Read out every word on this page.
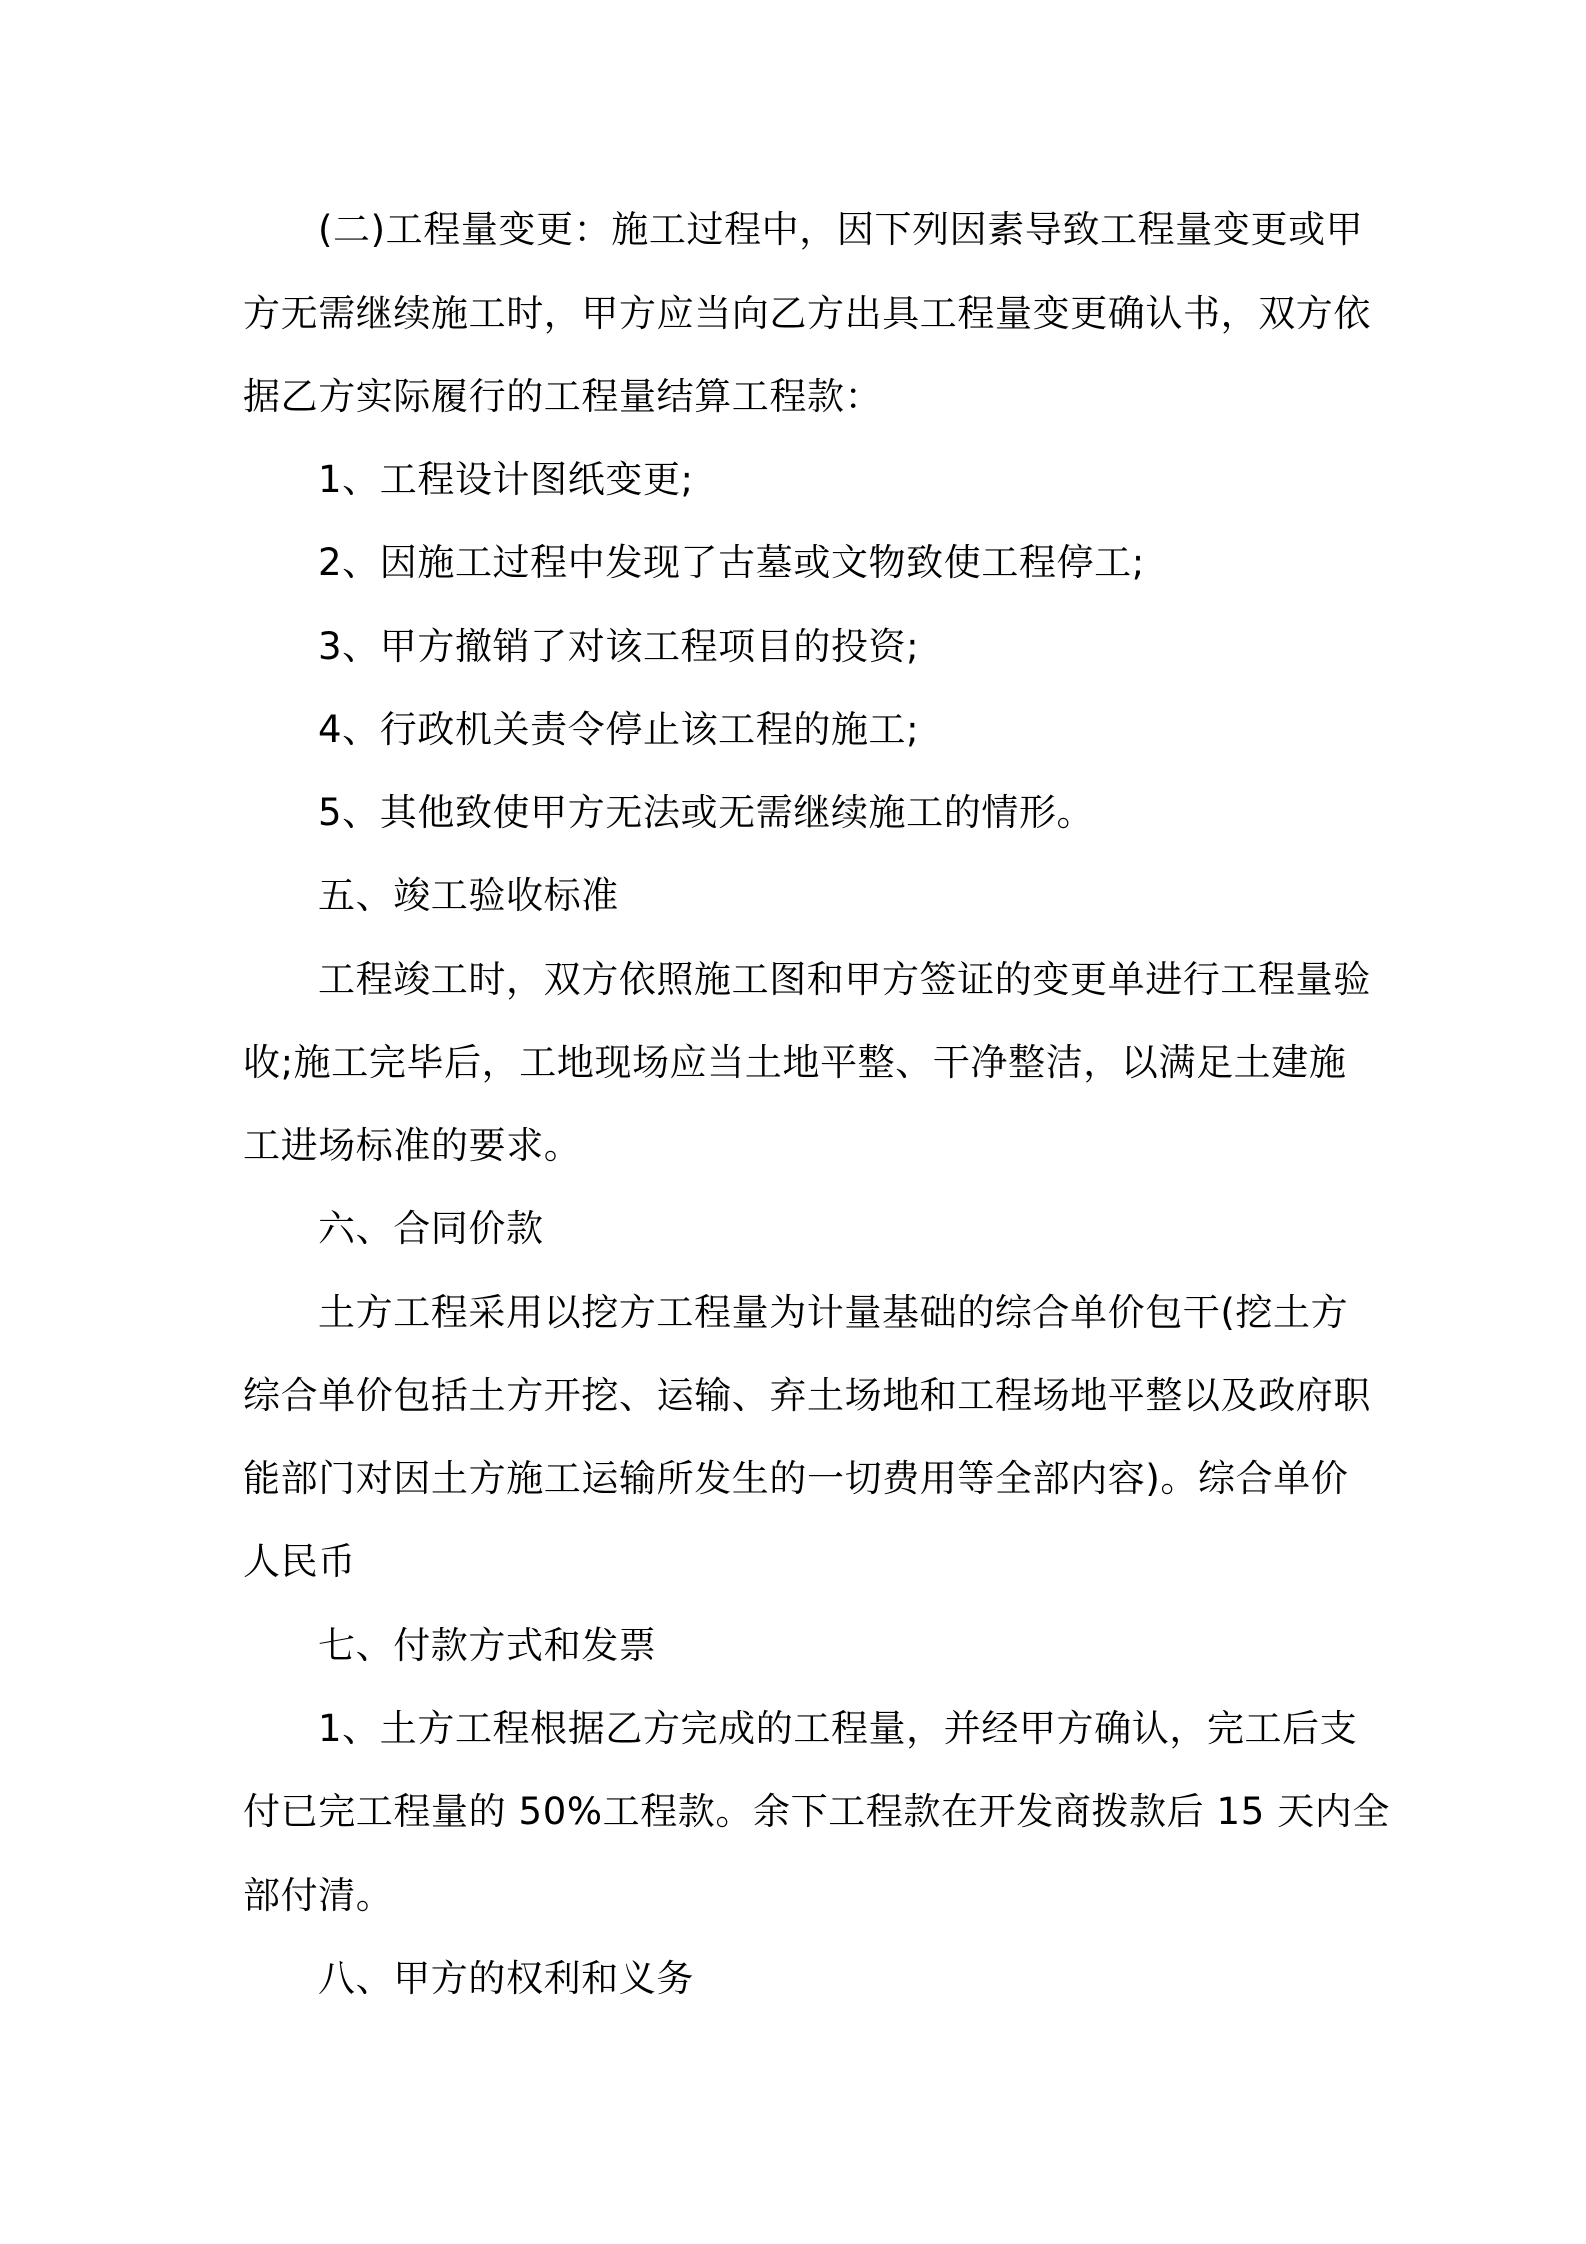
(二)工程量变更：施工过程中，因下列因素导致工程量变更或甲

方无需继续施工时，甲方应当向乙方出具工程量变更确认书，双方依

据乙方实际履行的工程量结算工程款：

1、工程设计图纸变更;

2、因施工过程中发现了古墓或文物致使工程停工;

3、甲方撤销了对该工程项目的投资;

4、行政机关责令停止该工程的施工;

5、其他致使甲方无法或无需继续施工的情形。

五、竣工验收标准

工程竣工时，双方依照施工图和甲方签证的变更单进行工程量验

收;施工完毕后，工地现场应当土地平整、干净整洁，以满足土建施

工进场标准的要求。

六、合同价款

土方工程采用以挖方工程量为计量基础的综合单价包干(挖土方

综合单价包括土方开挖、运输、弃土场地和工程场地平整以及政府职

能部门对因土方施工运输所发生的一切费用等全部内容)。综合单价

人民币

七、付款方式和发票

1、土方工程根据乙方完成的工程量，并经甲方确认，完工后支

付已完工程量的 50%工程款。余下工程款在开发商拨款后 15 天内全

部付清。

八、甲方的权利和义务
